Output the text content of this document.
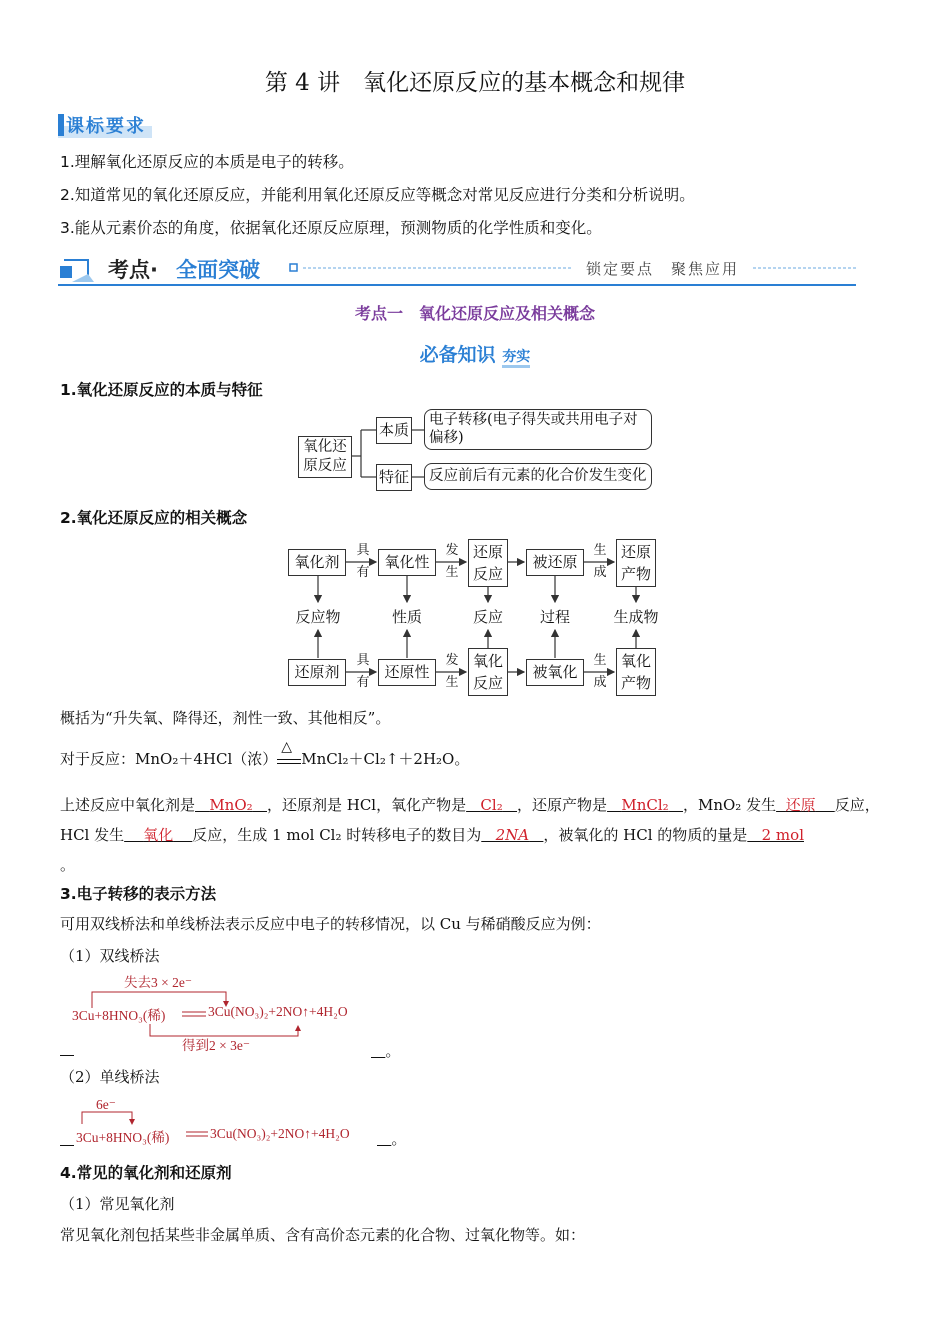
第 4 讲　氧化还原反应的基本概念和规律
课标要求
1.理解氧化还原反应的本质是电子的转移。
2.知道常见的氧化还原反应，并能利用氧化还原反应等概念对常见反应进行分类和分析说明。
3.能从元素价态的角度，依据氧化还原反应原理，预测物质的化学性质和变化。
考点· 全面突破	锁定要点　聚焦应用
考点一　氧化还原反应及相关概念
必备知识 夯实
1.氧化还原反应的本质与特征
氧化还
原反应
本质
特征
电子转移(电子得失或共用电子对
偏移)
反应前后有元素的化合价发生变化
2.氧化还原反应的相关概念
氧化剂	氧化性
还原
反应
被还原
还原
产物
具
有
发
生
生
成
反应物	性质	反应	过程	生成物
还原剂	还原性
氧化
反应
被氧化
氧化
产物
具
有
发
生
生
成
概括为“升失氧、降得还，剂性一致、其他相反”。
对于反应：MnO₂＋4HCl（浓）
△
MnCl₂＋Cl₂↑＋2H₂O。
上述反应中氧化剂是 MnO₂ ，还原剂是 HCl，氧化产物是 Cl₂ ，还原产物是 MnCl₂ ，MnO₂ 发生 还原 反应，HCl 发生 氧化 反应，生成 1 mol Cl₂ 时转移电子的数目为 2NA ，被氧化的 HCl 的物质的量是 2 mol
。
3.电子转移的表示方法
可用双线桥法和单线桥法表示反应中电子的转移情况，以 Cu 与稀硝酸反应为例：
（1）双线桥法
失去3 × 2e⁻
3Cu+8HNO₃(稀)	3Cu(NO₃)₂+2NO↑+4H₂O
得到2 × 3e⁻	。
（2）单线桥法
6e⁻
3Cu+8HNO₃(稀)	3Cu(NO₃)₂+2NO↑+4H₂O	。
4.常见的氧化剂和还原剂
（1）常见氧化剂
常见氧化剂包括某些非金属单质、含有高价态元素的化合物、过氧化物等。如：
